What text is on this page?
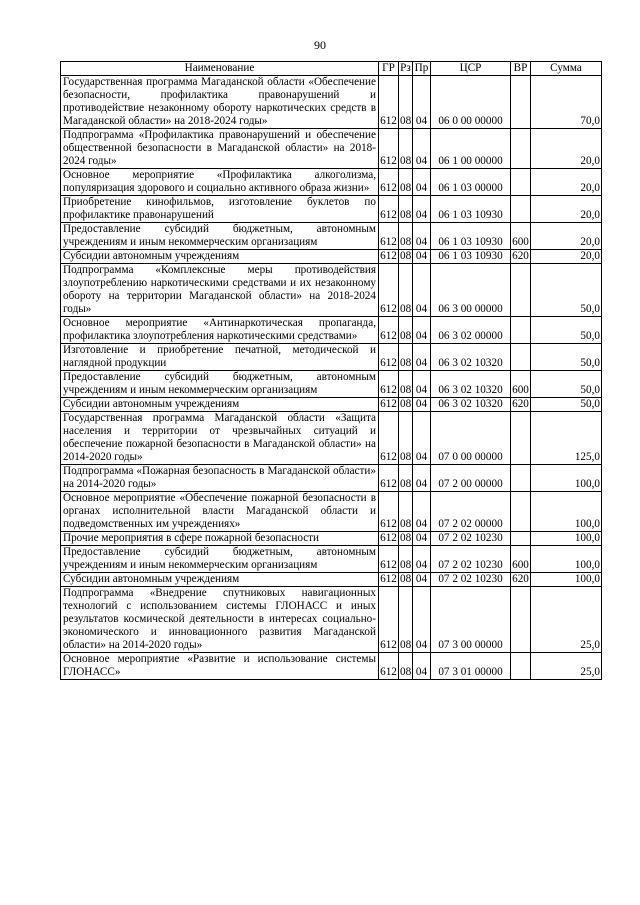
90
Наименование	ГР	Рз	Пр	ЦСР	ВР	Сумма
Государственная программа Магаданской области «Обеспечение безопасности, профилактика правонарушений и противодействие незаконному обороту наркотических средств в Магаданской области» на 2018-2024 годы»	612	08	04	06 0 00 00000		70,0
Подпрограмма «Профилактика правонарушений и обеспечение общественной безопасности в Магаданской области» на 2018-2024 годы»	612	08	04	06 1 00 00000		20,0
Основное мероприятие «Профилактика алкоголизма, популяризация здорового и социально активного образа жизни»	612	08	04	06 1 03 00000		20,0
Приобретение кинофильмов, изготовление буклетов по профилактике правонарушений	612	08	04	06 1 03 10930		20,0
Предоставление субсидий бюджетным, автономным учреждениям и иным некоммерческим организациям	612	08	04	06 1 03 10930	600	20,0
Субсидии автономным учреждениям	612	08	04	06 1 03 10930	620	20,0
Подпрограмма «Комплексные меры противодействия злоупотреблению наркотическими средствами и их незаконному обороту на территории Магаданской области» на 2018-2024 годы»	612	08	04	06 3 00 00000		50,0
Основное мероприятие «Антинаркотическая пропаганда, профилактика злоупотребления наркотическими средствами»	612	08	04	06 3 02 00000		50,0
Изготовление и приобретение печатной, методической и наглядной продукции	612	08	04	06 3 02 10320		50,0
Предоставление субсидий бюджетным, автономным учреждениям и иным некоммерческим организациям	612	08	04	06 3 02 10320	600	50,0
Субсидии автономным учреждениям	612	08	04	06 3 02 10320	620	50,0
Государственная программа Магаданской области «Защита населения и территории от чрезвычайных ситуаций и обеспечение пожарной безопасности в Магаданской области» на 2014-2020 годы»	612	08	04	07 0 00 00000		125,0
Подпрограмма «Пожарная безопасность в Магаданской области» на 2014-2020 годы»	612	08	04	07 2 00 00000		100,0
Основное мероприятие «Обеспечение пожарной безопасности в органах исполнительной власти Магаданской области и подведомственных им учреждениях»	612	08	04	07 2 02 00000		100,0
Прочие мероприятия в сфере пожарной безопасности	612	08	04	07 2 02 10230		100,0
Предоставление субсидий бюджетным, автономным учреждениям и иным некоммерческим организациям	612	08	04	07 2 02 10230	600	100,0
Субсидии автономным учреждениям	612	08	04	07 2 02 10230	620	100,0
Подпрограмма «Внедрение спутниковых навигационных технологий с использованием системы ГЛОНАСС и иных результатов космической деятельности в интересах социально-экономического и инновационного развития Магаданской области» на 2014-2020 годы»	612	08	04	07 3 00 00000		25,0
Основное мероприятие «Развитие и использование системы ГЛОНАСС»	612	08	04	07 3 01 00000		25,0
